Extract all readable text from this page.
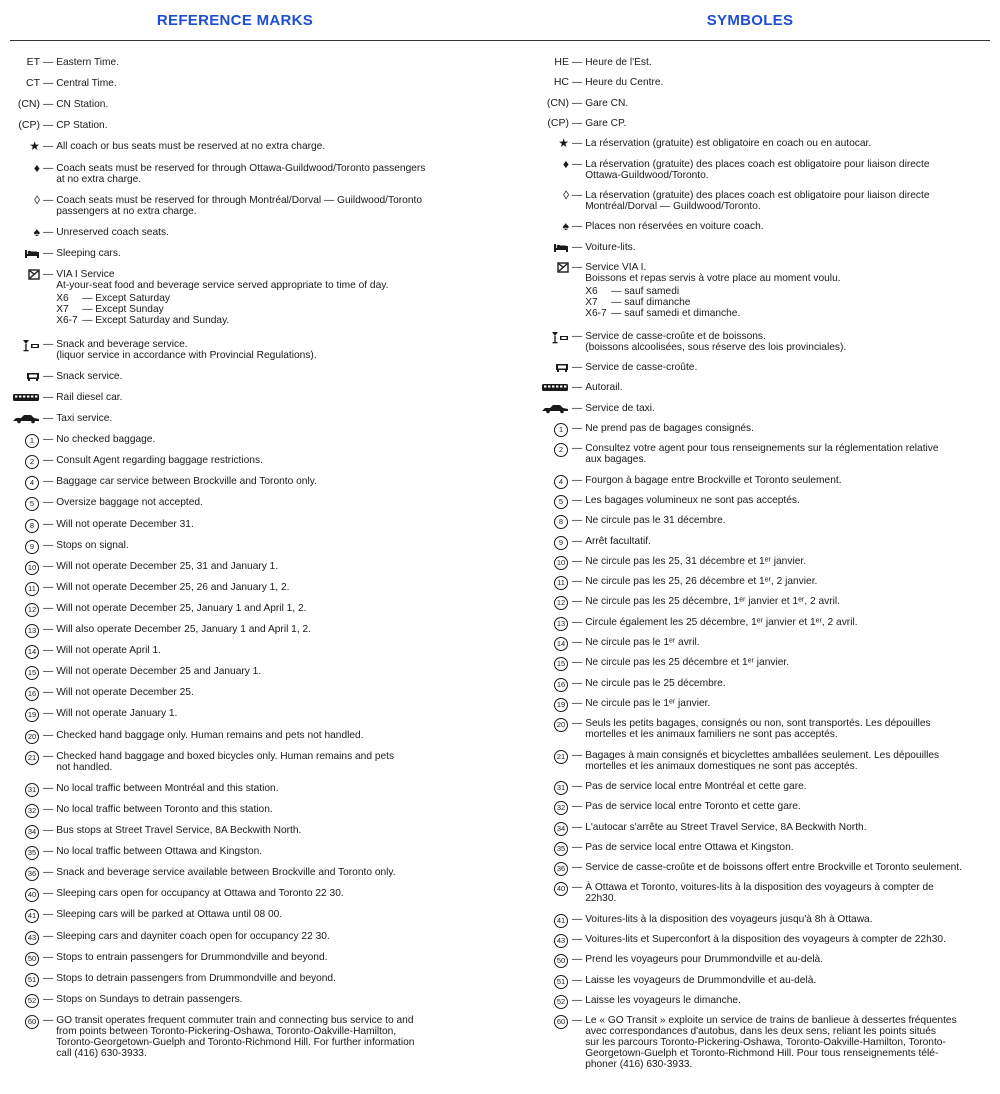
REFERENCE MARKS	SYMBOLES
ET — Eastern Time.
CT — Central Time.
(CN) — CN Station.
(CP) — CP Station.
★ — All coach or bus seats must be reserved at no extra charge.
♦ — Coach seats must be reserved for through Ottawa-Guildwood/Toronto passengers
at no extra charge.
◊ — Coach seats must be reserved for through Montréal/Dorval — Guildwood/Toronto
passengers at no extra charge.
♠ — Unreserved coach seats.
— Sleeping cars.
— VIA I Service
At-your-seat food and beverage service served appropriate to time of day.
X6	— Except Saturday
X7	— Except Sunday
X6-7 — Except Saturday and Sunday.
— Snack and beverage service.
(liquor service in accordance with Provincial Regulations).
— Snack service.
— Rail diesel car.
— Taxi service.
1 — No checked baggage.
2 — Consult Agent regarding baggage restrictions.
4 — Baggage car service between Brockville and Toronto only.
5 — Oversize baggage not accepted.
8 — Will not operate December 31.
9 — Stops on signal.
10 — Will not operate December 25, 31 and January 1.
11 — Will not operate December 25, 26 and January 1, 2.
12 — Will not operate December 25, January 1 and April 1, 2.
13 — Will also operate December 25, January 1 and April 1, 2.
14 — Will not operate April 1.
15 — Will not operate December 25 and January 1.
16 — Will not operate December 25.
19 — Will not operate January 1.
20 — Checked hand baggage only. Human remains and pets not handled.
21 — Checked hand baggage and boxed bicycles only. Human remains and pets
not handled.
31 — No local traffic between Montréal and this station.
32 — No local traffic between Toronto and this station.
34 — Bus stops at Street Travel Service, 8A Beckwith North.
35 — No local traffic between Ottawa and Kingston.
36 — Snack and beverage service available between Brockville and Toronto only.
40 — Sleeping cars open for occupancy at Ottawa and Toronto 22 30.
41 — Sleeping cars will be parked at Ottawa until 08 00.
43 — Sleeping cars and dayniter coach open for occupancy 22 30.
50 — Stops to entrain passengers for Drummondville and beyond.
51 — Stops to detrain passengers from Drummondville and beyond.
52 — Stops on Sundays to detrain passengers.
60 — GO transit operates frequent commuter train and connecting bus service to and
from points between Toronto-Pickering-Oshawa, Toronto-Oakville-Hamilton,
Toronto-Georgetown-Guelph and Toronto-Richmond Hill. For further information
call (416) 630-3933.
HE — Heure de l'Est.
HC — Heure du Centre.
(CN) — Gare CN.
(CP) — Gare CP.
★ — La réservation (gratuite) est obligatoire en coach ou en autocar.
♦ — La réservation (gratuite) des places coach est obligatoire pour liaison directe
Ottawa-Guildwood/Toronto.
◊ — La réservation (gratuite) des places coach est obligatoire pour liaison directe
Montréal/Dorval — Guildwood/Toronto.
♠ — Places non réservées en voiture coach.
— Voiture-lits.
— Service VIA I.
Boissons et repas servis à votre place au moment voulu.
X6	— sauf samedi
X7	— sauf dimanche
X6-7 — sauf samedi et dimanche.
— Service de casse-croûte et de boissons.
(boissons alcoolisées, sous réserve des lois provinciales).
— Service de casse-croûte.
— Autorail.
— Service de taxi.
1 — Ne prend pas de bagages consignés.
2 — Consultez votre agent pour tous renseignements sur la réglementation relative
aux bagages.
4 — Fourgon à bagage entre Brockville et Toronto seulement.
5 — Les bagages volumineux ne sont pas acceptés.
8 — Ne circule pas le 31 décembre.
9 — Arrêt facultatif.
10 — Ne circule pas les 25, 31 décembre et 1ᵉʳ janvier.
11 — Ne circule pas les 25, 26 décembre et 1ᵉʳ, 2 janvier.
12 — Ne circule pas les 25 décembre, 1ᵉʳ janvier et 1ᵉʳ, 2 avril.
13 — Circule également les 25 décembre, 1ᵉʳ janvier et 1ᵉʳ, 2 avril.
14 — Ne circule pas le 1ᵉʳ avril.
15 — Ne circule pas les 25 décembre et 1ᵉʳ janvier.
16 — Ne circule pas le 25 décembre.
19 — Ne circule pas le 1ᵉʳ janvier.
20 — Seuls les petits bagages, consignés ou non, sont transportés. Les dépouilles
mortelles et les animaux familiers ne sont pas acceptés.
21 — Bagages à main consignés et bicyclettes amballées seulement. Les dépouilles
mortelles et les animaux domestiques ne sont pas acceptés.
31 — Pas de service local entre Montréal et cette gare.
32 — Pas de service local entre Toronto et cette gare.
34 — L'autocar s'arrête au Street Travel Service, 8A Beckwith North.
35 — Pas de service local entre Ottawa et Kingston.
36 — Service de casse-croûte et de boissons offert entre Brockville et Toronto seulement.
40 — À Ottawa et Toronto, voitures-lits à la disposition des voyageurs à compter de
22h30.
41 — Voitures-lits à la disposition des voyageurs jusqu'à 8h à Ottawa.
43 — Voitures-lits et Superconfort à la disposition des voyageurs à compter de 22h30.
50 — Prend les voyageurs pour Drummondville et au-delà.
51 — Laisse les voyageurs de Drummondville et au-delà.
52 — Laisse les voyageurs le dimanche.
60 — Le « GO Transit » exploite un service de trains de banlieue à dessertes fréquentes
avec correspondances d'autobus, dans les deux sens, reliant les points situés
sur les parcours Toronto-Pickering-Oshawa, Toronto-Oakville-Hamilton, Toronto-
Georgetown-Guelph et Toronto-Richmond Hill. Pour tous renseignements télé-
phoner (416) 630-3933.
